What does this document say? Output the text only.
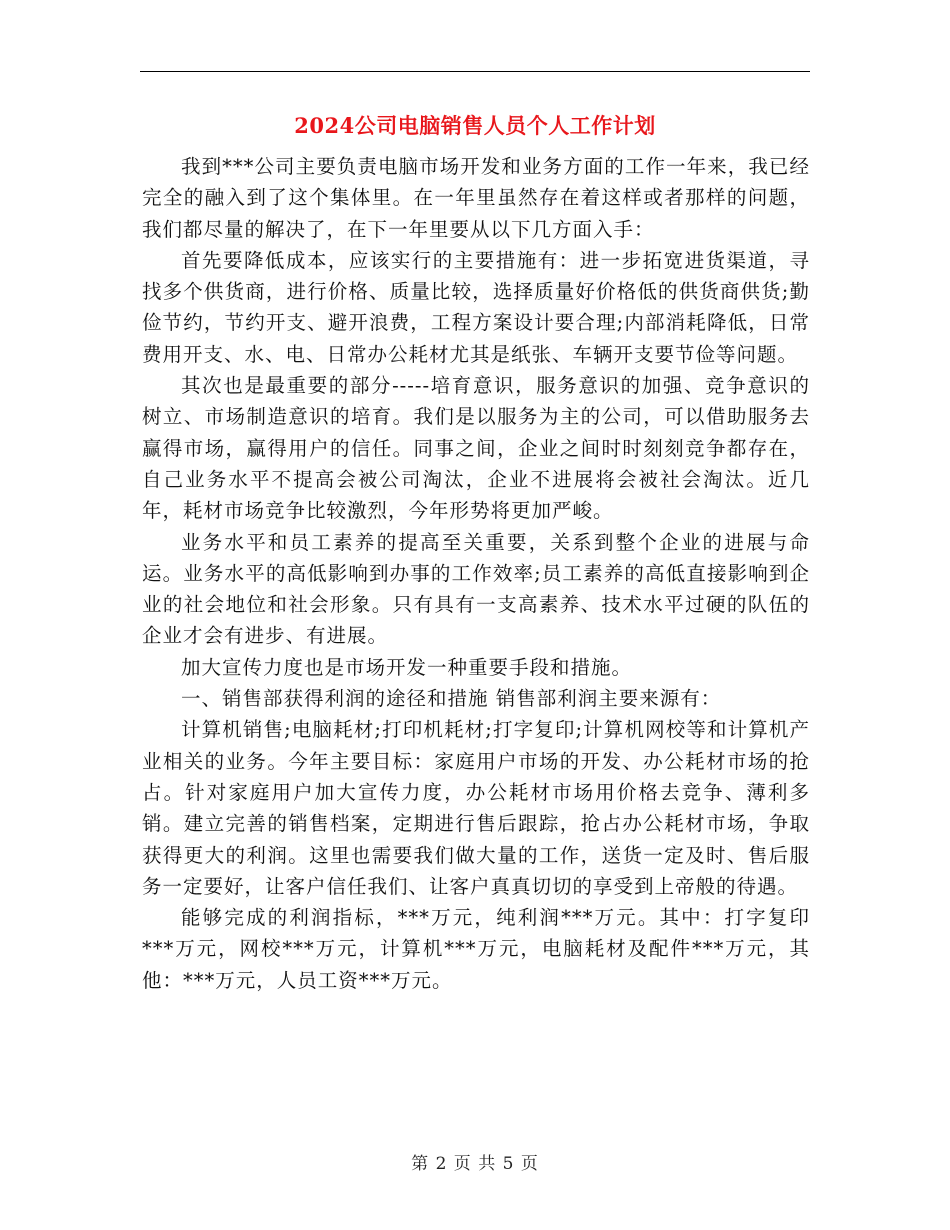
2024公司电脑销售人员个人工作计划

我到***公司主要负责电脑市场开发和业务方面的工作一年来，我已经完全的融入到了这个集体里。在一年里虽然存在着这样或者那样的问题，我们都尽量的解决了，在下一年里要从以下几方面入手：

首先要降低成本，应该实行的主要措施有：进一步拓宽进货渠道，寻找多个供货商，进行价格、质量比较，选择质量好价格低的供货商供货;勤俭节约，节约开支、避开浪费，工程方案设计要合理;内部消耗降低，日常费用开支、水、电、日常办公耗材尤其是纸张、车辆开支要节俭等问题。

其次也是最重要的部分-----培育意识，服务意识的加强、竞争意识的树立、市场制造意识的培育。我们是以服务为主的公司，可以借助服务去赢得市场，赢得用户的信任。同事之间，企业之间时时刻刻竞争都存在，自己业务水平不提高会被公司淘汰，企业不进展将会被社会淘汰。近几年，耗材市场竞争比较激烈，今年形势将更加严峻。

业务水平和员工素养的提高至关重要，关系到整个企业的进展与命运。业务水平的高低影响到办事的工作效率;员工素养的高低直接影响到企业的社会地位和社会形象。只有具有一支高素养、技术水平过硬的队伍的企业才会有进步、有进展。

加大宣传力度也是市场开发一种重要手段和措施。

一、销售部获得利润的途径和措施 销售部利润主要来源有：

计算机销售;电脑耗材;打印机耗材;打字复印;计算机网校等和计算机产业相关的业务。今年主要目标：家庭用户市场的开发、办公耗材市场的抢占。针对家庭用户加大宣传力度，办公耗材市场用价格去竞争、薄利多销。建立完善的销售档案，定期进行售后跟踪，抢占办公耗材市场，争取获得更大的利润。这里也需要我们做大量的工作，送货一定及时、售后服务一定要好，让客户信任我们、让客户真真切切的享受到上帝般的待遇。

能够完成的利润指标，***万元，纯利润***万元。其中：打字复印***万元，网校***万元，计算机***万元，电脑耗材及配件***万元，其他：***万元，人员工资***万元。

第 2 页 共 5 页
